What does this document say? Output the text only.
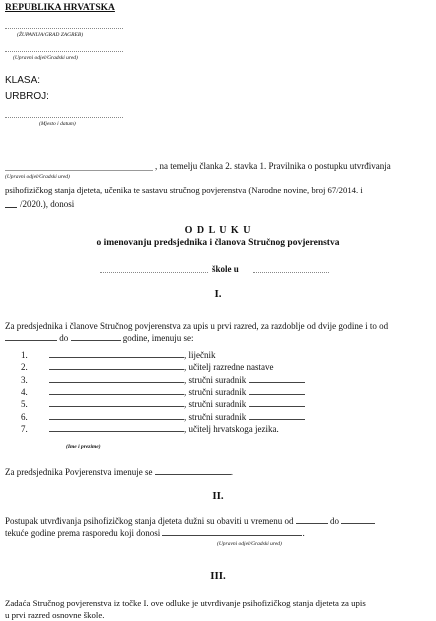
REPUBLIKA HRVATSKA
(ŽUPANIJA/GRAD ZAGREB)
(Upravni odjel/Gradski ured)
KLASA:
URBROJ:
(Mjesto i datum)
, na temelju članka 2. stavka 1. Pravilnika o postupku utvrđivanja
(Upravni odjel/Gradski ured)
psihofizičkog stanja djeteta, učenika te sastavu stručnog povjerenstva (Narodne novine, broj 67/2014. i
/2020.), donosi
O D L U K U
o imenovanju predsjednika i članova Stručnog povjerenstva
škole u
I.
Za predsjednika i članove Stručnog povjerenstva za upis u prvi razred, za razdoblje od dvije godine i to od  do	godine, imenuju se:
1.	, liječnik
2.	, učitelj razredne nastave
3.	, stručni suradnik
4.	, stručni suradnik
5.	, stručni suradnik
6.	, stručni suradnik
7.	, učitelj hrvatskoga jezika.
(Ime i prezime)
Za predsjednika Povjerenstva imenuje se	.
II.
Postupak utvrđivanja psihofizičkog stanja djeteta dužni su obaviti u vremenu od	do
tekuće godine prema rasporedu koji donosi	.
(Upravni odjel/Gradski ured)
III.
Zadaća Stručnog povjerenstva iz točke I. ove odluke je utvrđivanje psihofizičkog stanja djeteta za upis
u prvi razred osnovne škole.
